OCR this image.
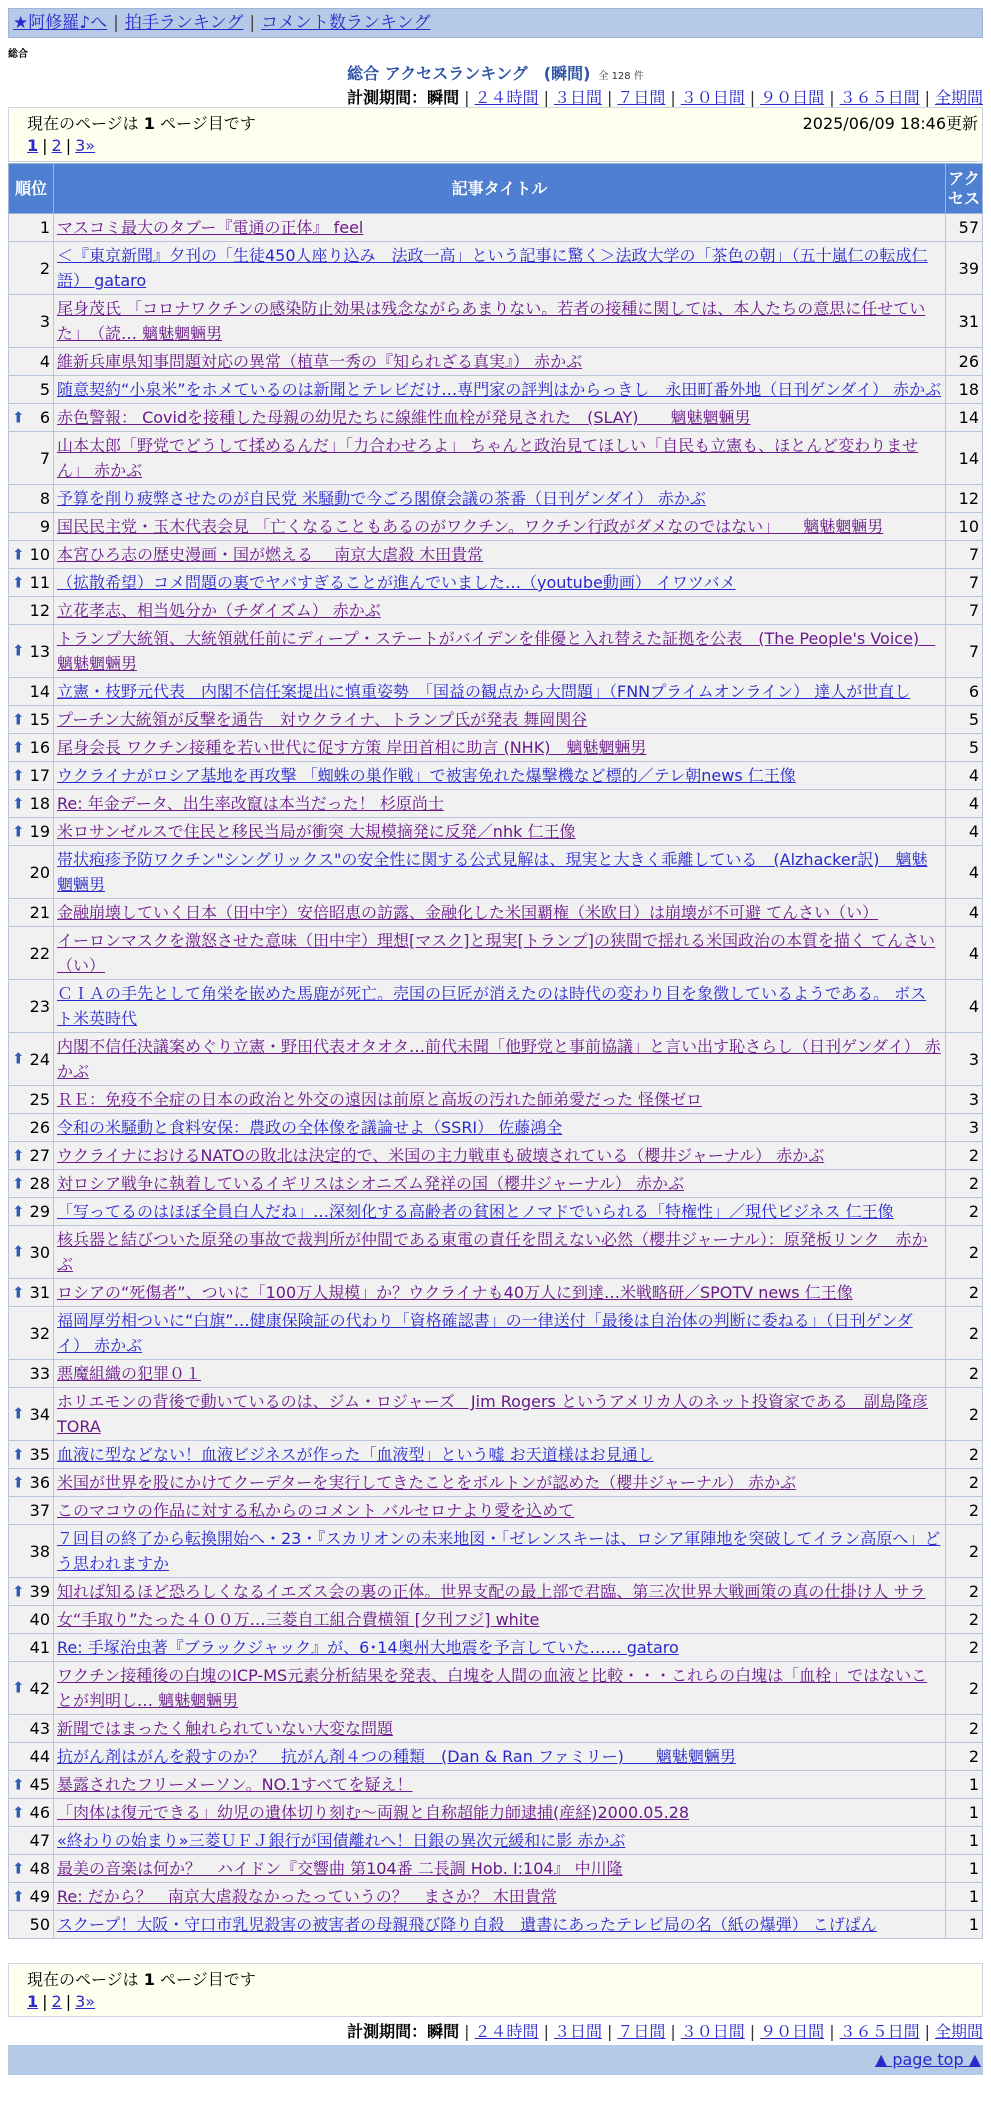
★阿修羅♪へ | 拍手ランキング | コメント数ランキング
総合
総合 アクセスランキング　(瞬間) 全 128 件
計測期間：瞬間 | ２４時間 | ３日間 | ７日間 | ３０日間 | ９０日間 | ３６５日間 | 全期間
現在のページは 1 ページ目です	2025/06/09 18:46更新
1 | 2 | 3»
順位	記事タイトル	アクセス
1	マスコミ最大のタブー『電通の正体』 feel	57
2	＜『東京新聞』夕刊の「生徒450人座り込み　法政一高」という記事に驚く＞法政大学の「茶色の朝」（五十嵐仁の転成仁語） gataro	39
3	尾身茂氏 「コロナワクチンの感染防止効果は残念ながらあまりない。若者の接種に関しては、本人たちの意思に任せていた」　（読… 魑魅魍魎男	31
4	維新兵庫県知事問題対応の異常（植草一秀の『知られざる真実』） 赤かぶ	26
5	随意契約“小泉米”をホメているのは新聞とテレビだけ…専門家の評判はからっきし　永田町番外地（日刊ゲンダイ） 赤かぶ	18

⬆ 6	赤色警報： Covidを接種した母親の幼児たちに線維性血栓が発見された　(SLAY)　　魑魅魍魎男	14
7	山本太郎「野党でどうして揉めるんだ」「力合わせろよ」 ちゃんと政治見てほしい「自民も立憲も、ほとんど変わりません」 赤かぶ	14
8	予算を削り疲弊させたのが自民党 米騒動で今ごろ閣僚会議の茶番（日刊ゲンダイ） 赤かぶ	12
9	国民民主党・玉木代表会見 「亡くなることもあるのがワクチン。ワクチン行政がダメなのではない」　　魑魅魍魎男	10

⬆ 10	本宮ひろ志の歴史漫画・国が燃える　 南京大虐殺 木田貴常	7

⬆ 11	（拡散希望）コメ問題の裏でヤバすぎることが進んでいました…（youtube動画） イワツバメ	7
12	立花孝志、相当処分か（チダイズム） 赤かぶ	7

⬆ 13	トランプ大統領、大統領就任前にディープ・ステートがバイデンを俳優と入れ替えた証拠を公表　(The People's Voice)　魑魅魍魎男	7
14	立憲・枝野元代表　内閣不信任案提出に慎重姿勢　「国益の観点から大問題」（FNNプライムオンライン） 達人が世直し	6

⬆ 15	プーチン大統領が反撃を通告　対ウクライナ、トランプ氏が発表 舞岡関谷	5

⬆ 16	尾身会長 ワクチン接種を若い世代に促す方策 岸田首相に助言 (NHK)　魑魅魍魎男	5

⬆ 17	ウクライナがロシア基地を再攻撃 「蜘蛛の巣作戦」で被害免れた爆撃機など標的／テレ朝news 仁王像	4

⬆ 18	Re: 年金データ、出生率改竄は本当だった！ 杉原尚士	4

⬆ 19	米ロサンゼルスで住民と移民当局が衝突 大規模摘発に反発／nhk 仁王像	4
20	帯状疱疹予防ワクチン"シングリックス"の安全性に関する公式見解は、現実と大きく乖離している　(Alzhacker訳)　魑魅魍魎男	4
21	金融崩壊していく日本（田中宇）安倍昭恵の訪露、金融化した米国覇権（米欧日）は崩壊が不可避 てんさい（い）	4
22	イーロンマスクを激怒させた意味（田中宇）理想[マスク]と現実[トランプ]の狭間で揺れる米国政治の本質を描く てんさい（い）	4
23	ＣＩＡの手先として角栄を嵌めた馬鹿が死亡。売国の巨匠が消えたのは時代の変わり目を象徴しているようである。 ボスト米英時代	4

⬆ 24	内閣不信任決議案めぐり立憲・野田代表オタオタ…前代未聞「他野党と事前協議」と言い出す恥さらし（日刊ゲンダイ） 赤かぶ	3
25	ＲＥ：免疫不全症の日本の政治と外交の遠因は前原と高坂の汚れた師弟愛だった 怪傑ゼロ	3
26	令和の米騒動と食料安保：農政の全体像を議論せよ（SSRI） 佐藤鴻全	3

⬆ 27	ウクライナにおけるNATOの敗北は決定的で、米国の主力戦車も破壊されている（櫻井ジャーナル） 赤かぶ	2

⬆ 28	対ロシア戦争に執着しているイギリスはシオニズム発祥の国（櫻井ジャーナル） 赤かぶ	2

⬆ 29	「写ってるのはほぼ全員白人だね」…深刻化する高齢者の貧困とノマドでいられる「特権性」／現代ビジネス 仁王像	2

⬆ 30	核兵器と結びついた原発の事故で裁判所が仲間である東電の責任を問えない必然（櫻井ジャーナル）：原発板リンク　赤かぶ	2

⬆ 31	ロシアの“死傷者”、ついに「100万人規模」か？ウクライナも40万人に到達…米戦略研／SPOTV news 仁王像	2
32	福岡厚労相ついに“白旗”…健康保険証の代わり「資格確認書」の一律送付「最後は自治体の判断に委ねる」（日刊ゲンダイ） 赤かぶ	2
33	悪魔組織の犯罪０１	2

⬆ 34	ホリエモンの背後で動いているのは、ジム・ロジャーズ　Jim Rogers というアメリカ人のネット投資家である　副島隆彦 TORA	2

⬆ 35	血液に型などない！血液ビジネスが作った「血液型」という嘘 お天道様はお見通し	2

⬆ 36	米国が世界を股にかけてクーデターを実行してきたことをボルトンが認めた（櫻井ジャーナル） 赤かぶ	2
37	このマコウの作品に対する私からのコメント バルセロナより愛を込めて	2
38	７回目の終了から転換開始へ・23・『スカリオンの未来地図・「ゼレンスキーは、ロシア軍陣地を突破してイラン高原へ」どう思われますか	2

⬆ 39	知れば知るほど恐ろしくなるイエズス会の裏の正体。世界支配の最上部で君臨、第三次世界大戦画策の真の仕掛け人 サラ	2
40	女“手取り”たった４００万…三菱自工組合費横領 [夕刊フジ] white	2
41	Re: 手塚治虫著『ブラックジャック』が、6･14奥州大地震を予言していた…… gataro	2

⬆ 42	ワクチン接種後の白塊のICP-MS元素分析結果を発表、白塊を人間の血液と比較・・・これらの白塊は「血栓」ではないことが判明し… 魑魅魍魎男	2
43	新聞ではまったく触れられていない大変な問題	2
44	抗がん剤はがんを殺すのか？　抗がん剤４つの種類　(Dan & Ran ファミリー)　　魑魅魍魎男	2

⬆ 45	暴露されたフリーメーソン。NO.1すべてを疑え！	1

⬆ 46	「肉体は復元できる」幼児の遺体切り刻む～両親と自称超能力師逮捕(産経)2000.05.28	1
47	«終わりの始まり»三菱ＵＦＪ銀行が国債離れへ！日銀の異次元緩和に影 赤かぶ	1

⬆ 48	最美の音楽は何か？　ハイドン『交響曲 第104番 二長調 Hob. I:104』 中川隆	1

⬆ 49	Re: だから？　南京大虐殺なかったっていうの？　まさか？ 木田貴常	1
50	スクープ！大阪・守口市乳児殺害の被害者の母親飛び降り自殺　遺書にあったテレビ局の名（紙の爆弾） こげぱん	1
現在のページは 1 ページ目です
1 | 2 | 3»
計測期間：瞬間 | ２４時間 | ３日間 | ７日間 | ３０日間 | ９０日間 | ３６５日間 | 全期間
▲ page top ▲
